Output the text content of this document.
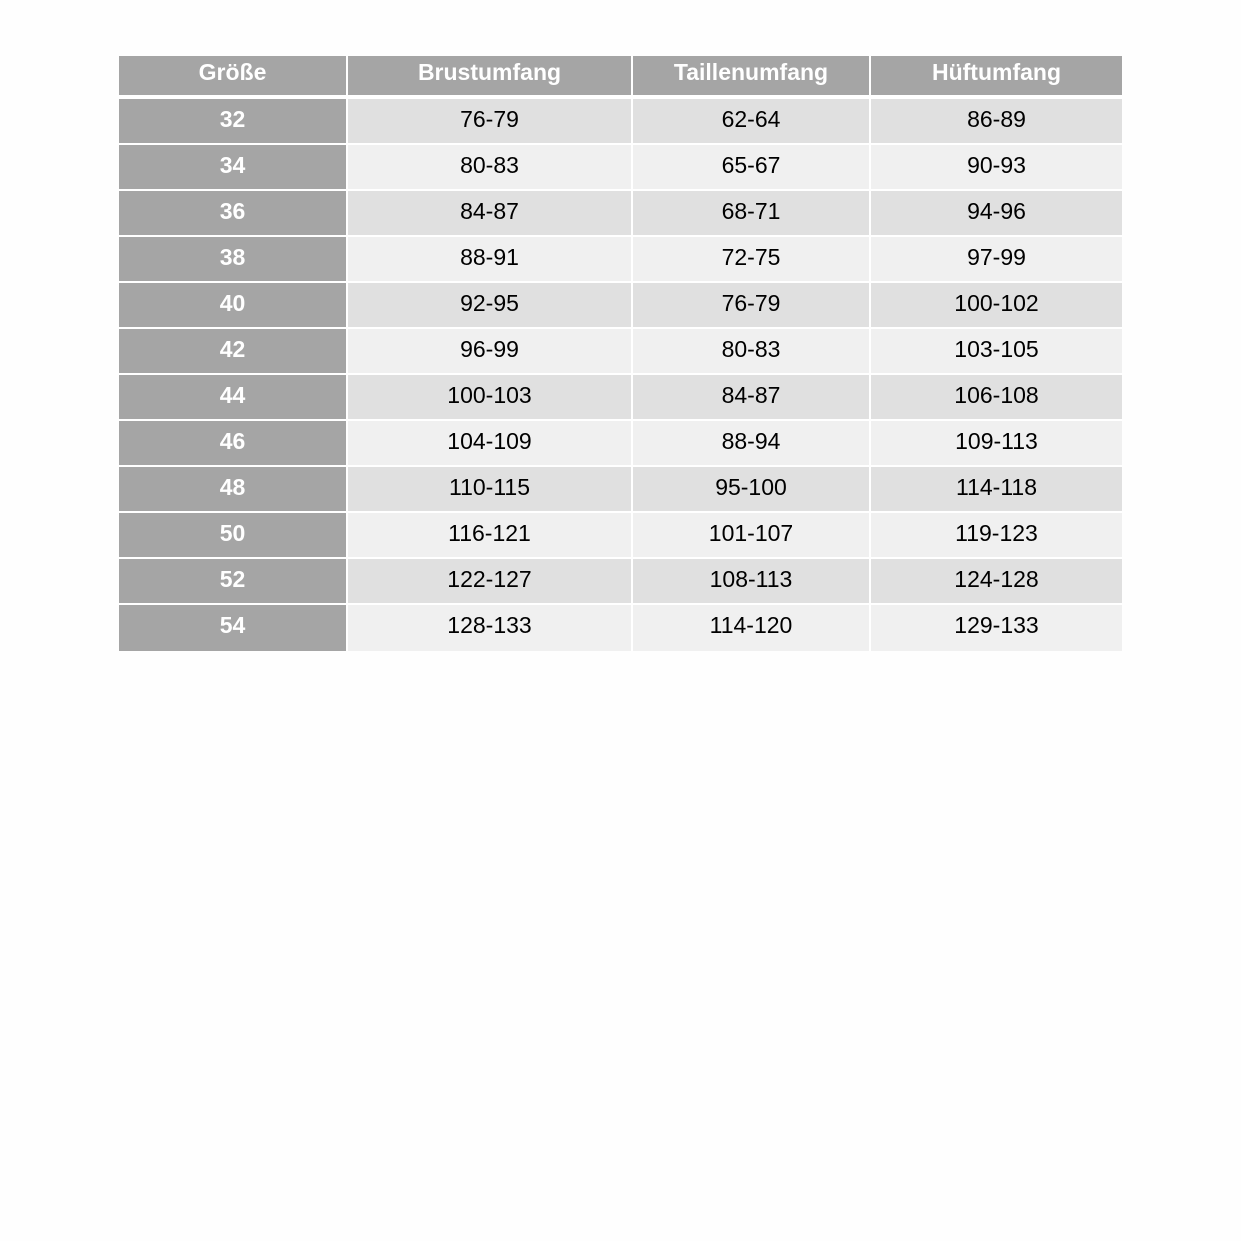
Größe	Brustumfang	Taillenumfang	Hüftumfang
32	76-79	62-64	86-89
34	80-83	65-67	90-93
36	84-87	68-71	94-96
38	88-91	72-75	97-99
40	92-95	76-79	100-102
42	96-99	80-83	103-105
44	100-103	84-87	106-108
46	104-109	88-94	109-113
48	110-115	95-100	114-118
50	116-121	101-107	119-123
52	122-127	108-113	124-128
54	128-133	114-120	129-133
